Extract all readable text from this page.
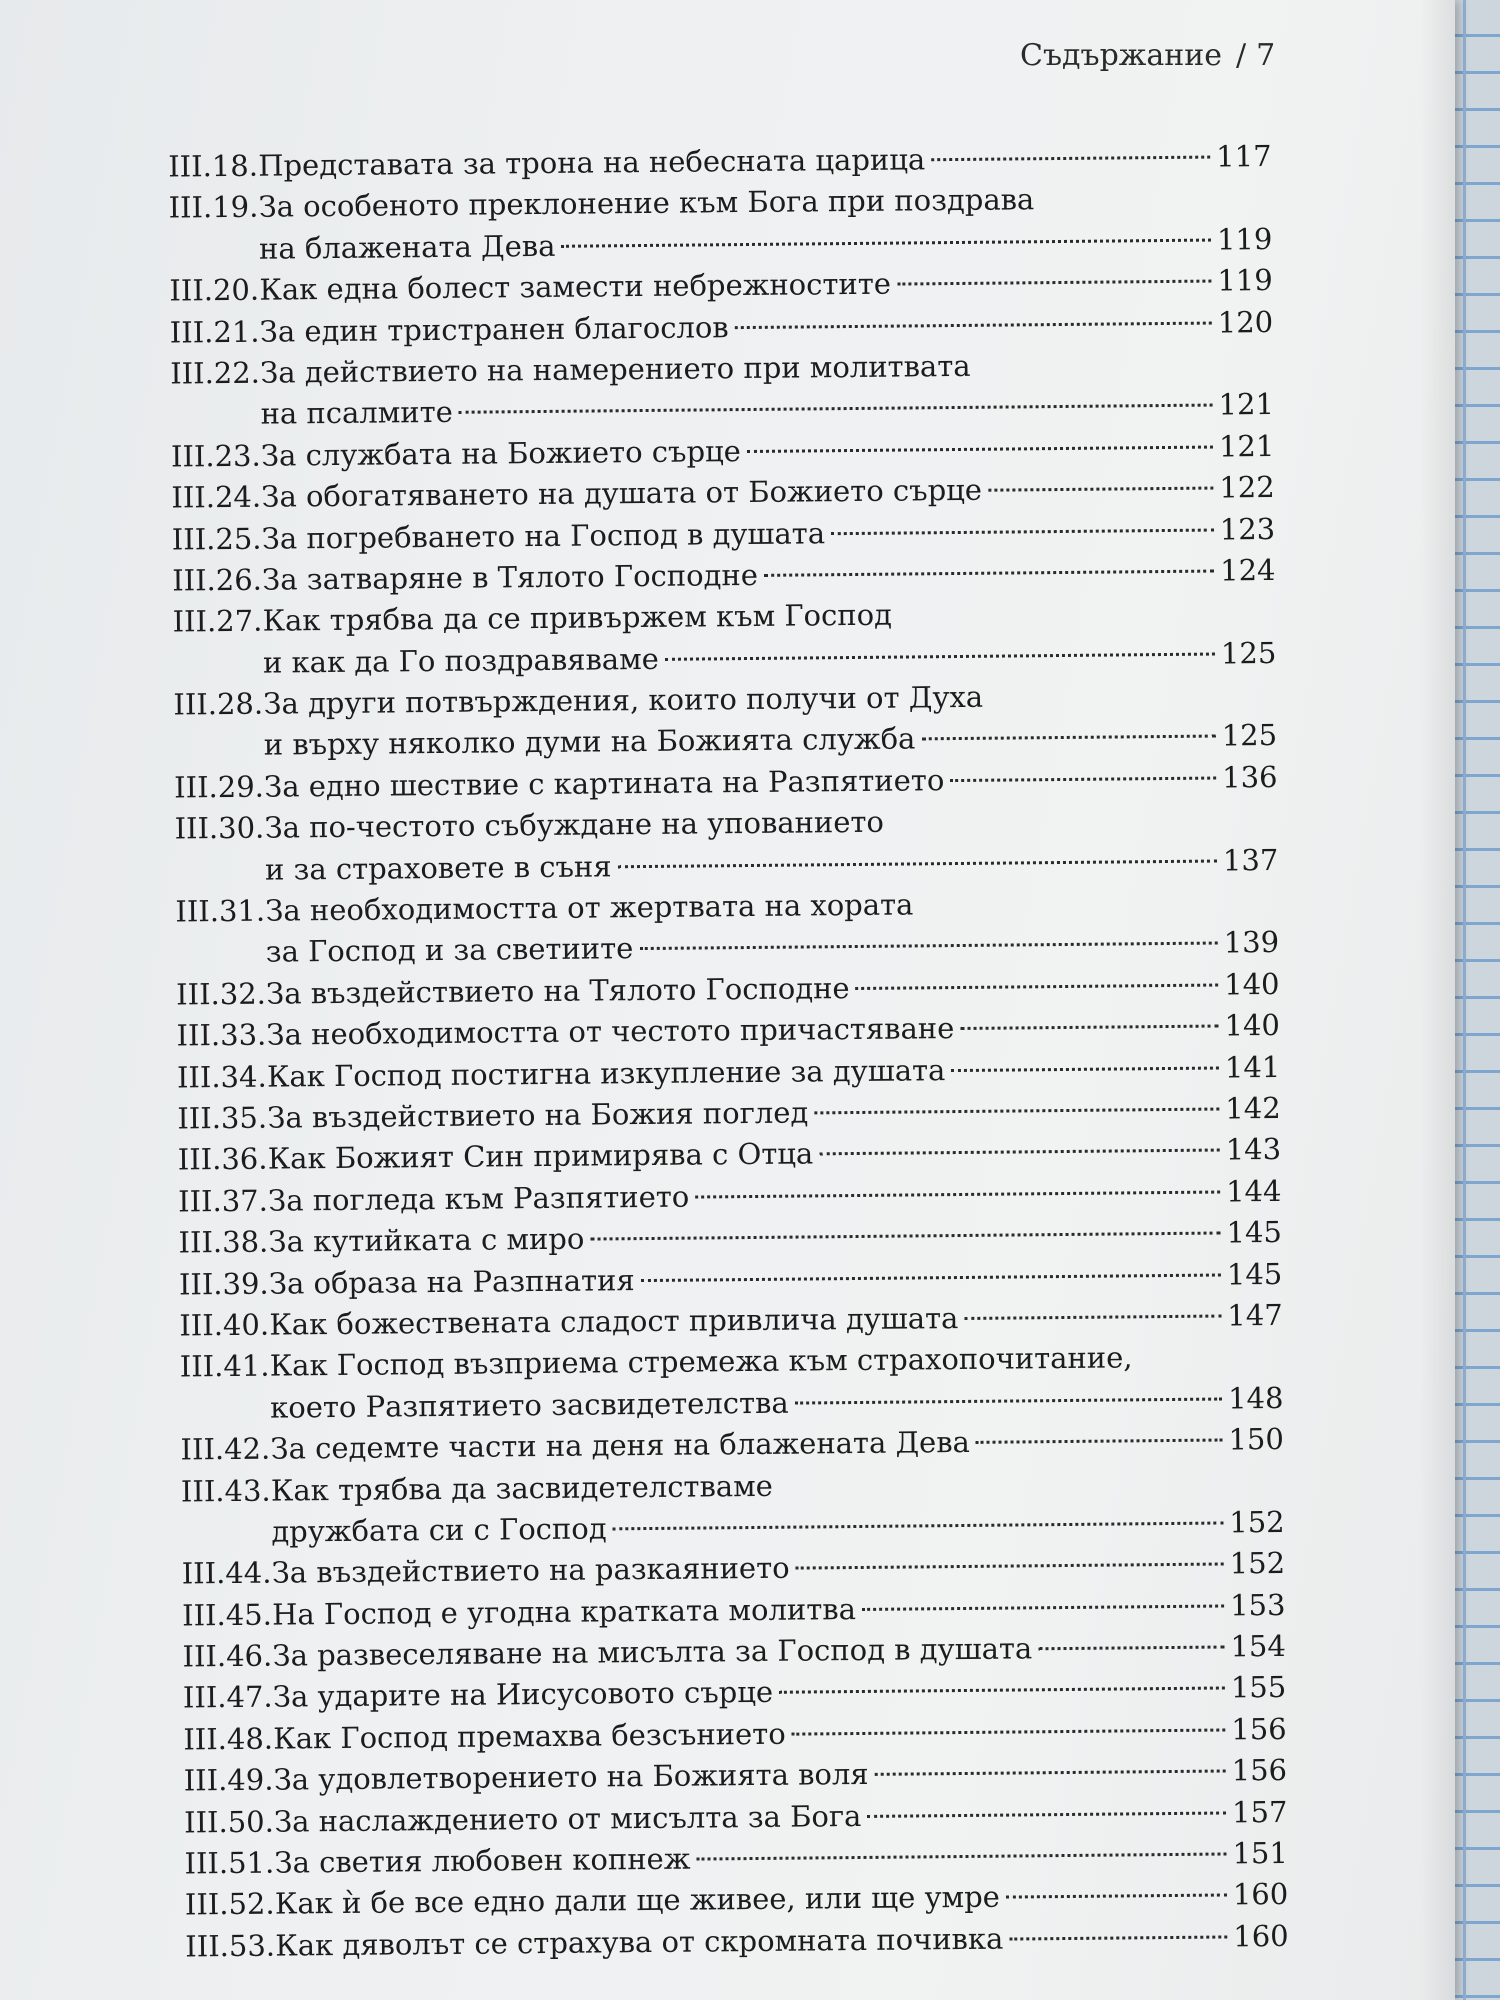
Съдържание / 7
III.18. Представата за трона на небесната царица	117
III.19. За особеното преклонение към Бога при поздрава
на блажената Дева	119
III.20. Как една болест замести небрежностите	119
III.21. За един тристранен благослов	120
III.22. За действието на намерението при молитвата
на псалмите	121
III.23. За службата на Божието сърце	121
III.24. За обогатяването на душата от Божието сърце	122
III.25. За погребването на Господ в душата	123
III.26. За затваряне в Тялото Господне	124
III.27. Как трябва да се привържем към Господ
и как да Го поздравяваме	125
III.28. За други потвърждения, които получи от Духа
и върху няколко думи на Божията служба	125
III.29. За едно шествие с картината на Разпятието	136
III.30. За по-честото събуждане на упованието
и за страховете в съня	137
III.31. За необходимостта от жертвата на хората
за Господ и за светиите	139
III.32. За въздействието на Тялото Господне	140
III.33. За необходимостта от честото причастяване	140
III.34. Как Господ постигна изкупление за душата	141
III.35. За въздействието на Божия поглед	142
III.36. Как Божият Син примирява с Отца	143
III.37. За погледа към Разпятието	144
III.38. За кутийката с миро	145
III.39. За образа на Разпнатия	145
III.40. Как божествената сладост привлича душата	147
III.41. Как Господ възприема стремежа към страхопочитание,
което Разпятието засвидетелства	148
III.42. За седемте части на деня на блажената Дева	150
III.43. Как трябва да засвидетелстваме
дружбата си с Господ	152
III.44. За въздействието на разкаянието	152
III.45. На Господ е угодна кратката молитва	153
III.46. За развеселяване на мисълта за Господ в душата	154
III.47. За ударите на Иисусовото сърце	155
III.48. Как Господ премахва безсънието	156
III.49. За удовлетворението на Божията воля	156
III.50. За наслаждението от мисълта за Бога	157
III.51. За светия любовен копнеж	151
III.52. Как ѝ бе все едно дали ще живее, или ще умре	160
III.53. Как дяволът се страхува от скромната почивка	160
